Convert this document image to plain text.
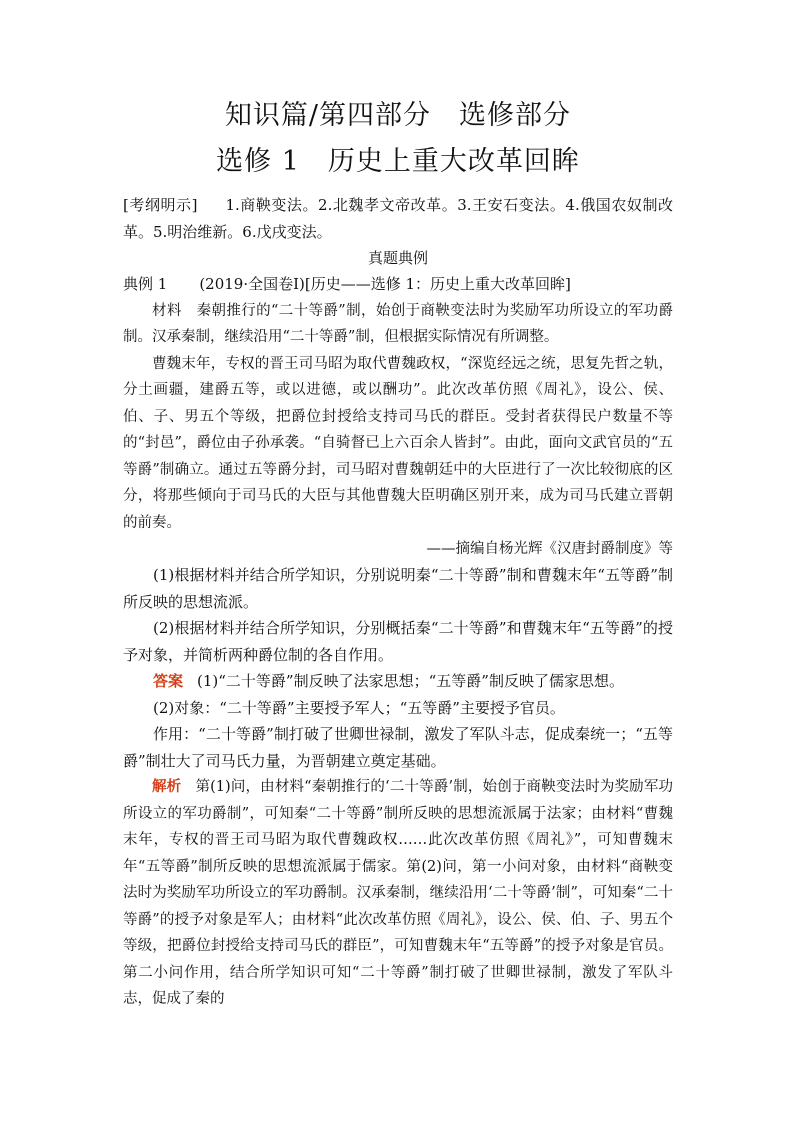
知识篇/第四部分　选修部分
选修 1　历史上重大改革回眸

[考纲明示] 1.商鞅变法。2.北魏孝文帝改革。3.王安石变法。4.俄国农奴制改革。5.明治维新。6.戊戌变法。

真题典例

典例 1 (2019·全国卷Ⅰ)[历史——选修 1：历史上重大改革回眸]

材料　秦朝推行的“二十等爵”制，始创于商鞅变法时为奖励军功所设立的军功爵制。汉承秦制，继续沿用“二十等爵”制，但根据实际情况有所调整。

曹魏末年，专权的晋王司马昭为取代曹魏政权，“深览经远之统，思复先哲之轨，分土画疆，建爵五等，或以进德，或以酬功”。此次改革仿照《周礼》，设公、侯、伯、子、男五个等级，把爵位封授给支持司马氏的群臣。受封者获得民户数量不等的“封邑”，爵位由子孙承袭。“自骑督已上六百余人皆封”。由此，面向文武官员的“五等爵”制确立。通过五等爵分封，司马昭对曹魏朝廷中的大臣进行了一次比较彻底的区分，将那些倾向于司马氏的大臣与其他曹魏大臣明确区别开来，成为司马氏建立晋朝的前奏。

——摘编自杨光辉《汉唐封爵制度》等

(1)根据材料并结合所学知识，分别说明秦“二十等爵”制和曹魏末年“五等爵”制所反映的思想流派。

(2)根据材料并结合所学知识，分别概括秦“二十等爵”和曹魏末年“五等爵”的授予对象，并简析两种爵位制的各自作用。

答案 (1)“二十等爵”制反映了法家思想；“五等爵”制反映了儒家思想。

(2)对象：“二十等爵”主要授予军人；“五等爵”主要授予官员。

作用：“二十等爵”制打破了世卿世禄制，激发了军队斗志，促成秦统一；“五等爵”制壮大了司马氏力量，为晋朝建立奠定基础。

解析 第(1)问，由材料“秦朝推行的‘二十等爵’制，始创于商鞅变法时为奖励军功所设立的军功爵制”，可知秦“二十等爵”制所反映的思想流派属于法家；由材料“曹魏末年，专权的晋王司马昭为取代曹魏政权……此次改革仿照《周礼》”，可知曹魏末年“五等爵”制所反映的思想流派属于儒家。第(2)问，第一小问对象，由材料“商鞅变法时为奖励军功所设立的军功爵制。汉承秦制，继续沿用‘二十等爵’制”，可知秦“二十等爵”的授予对象是军人；由材料“此次改革仿照《周礼》，设公、侯、伯、子、男五个等级，把爵位封授给支持司马氏的群臣”，可知曹魏末年“五等爵”的授予对象是官员。第二小问作用，结合所学知识可知“二十等爵”制打破了世卿世禄制，激发了军队斗志，促成了秦的
